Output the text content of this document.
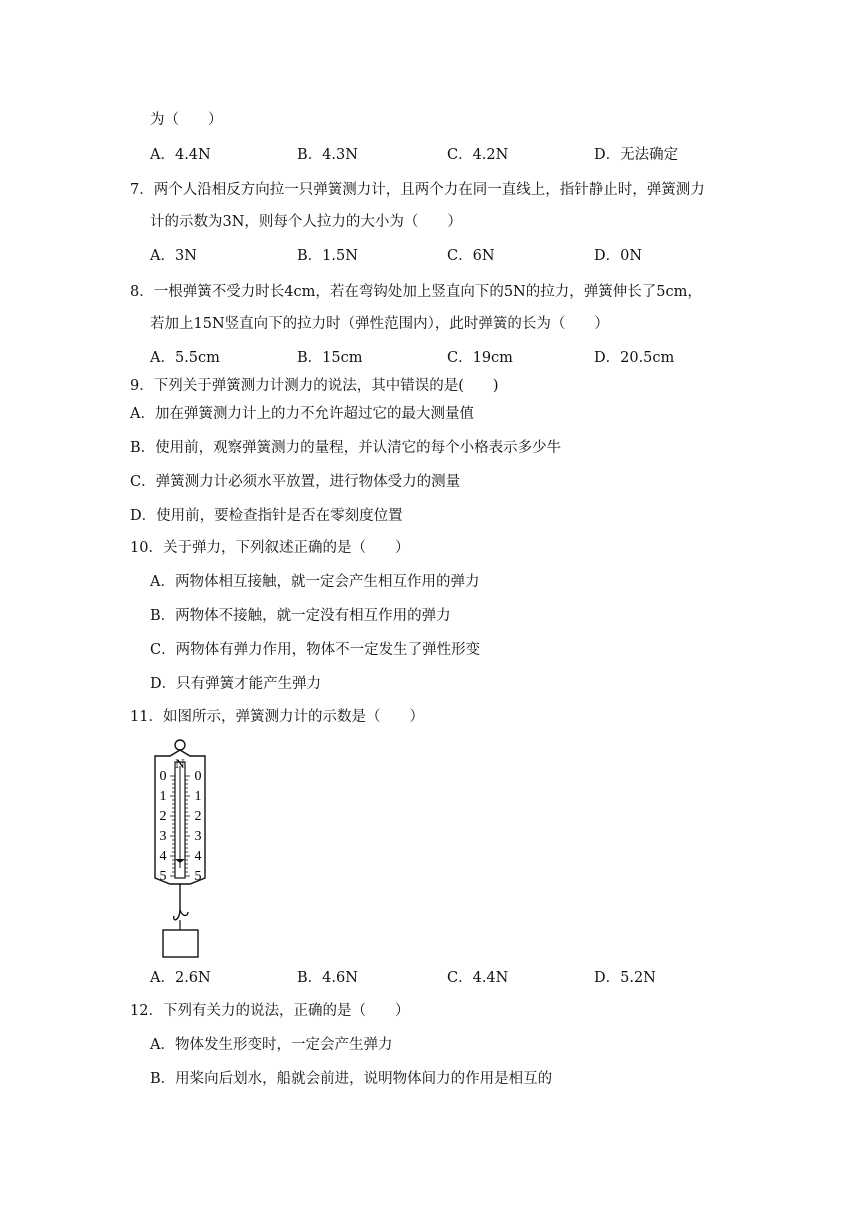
为（　　）
A．4.4N	B．4.3N	C．4.2N	D．无法确定
7．两个人沿相反方向拉一只弹簧测力计，且两个力在同一直线上，指针静止时，弹簧测力
计的示数为3N，则每个人拉力的大小为（　　）
A．3N	B．1.5N	C．6N	D．0N
8．一根弹簧不受力时长4cm，若在弯钩处加上竖直向下的5N的拉力，弹簧伸长了5cm，
若加上15N竖直向下的拉力时（弹性范围内），此时弹簧的长为（　　）
A．5.5cm	B．15cm	C．19cm	D．20.5cm
9．下列关于弹簧测力计测力的说法，其中错误的是(　　)
A．加在弹簧测力计上的力不允许超过它的最大测量值
B．使用前，观察弹簧测力的量程，并认清它的每个小格表示多少牛
C．弹簧测力计必须水平放置，进行物体受力的测量
D．使用前，要检查指针是否在零刻度位置
10．关于弹力，下列叙述正确的是（　　）
A．两物体相互接触，就一定会产生相互作用的弹力
B．两物体不接触，就一定没有相互作用的弹力
C．两物体有弹力作用，物体不一定发生了弹性形变
D．只有弹簧才能产生弹力
11．如图所示，弹簧测力计的示数是（　　）
N
0
1
2
3
4
5
0
1
2
3
4
5
A．2.6N	B．4.6N	C．4.4N	D．5.2N
12．下列有关力的说法，正确的是（　　）
A．物体发生形变时，一定会产生弹力
B．用桨向后划水，船就会前进，说明物体间力的作用是相互的
